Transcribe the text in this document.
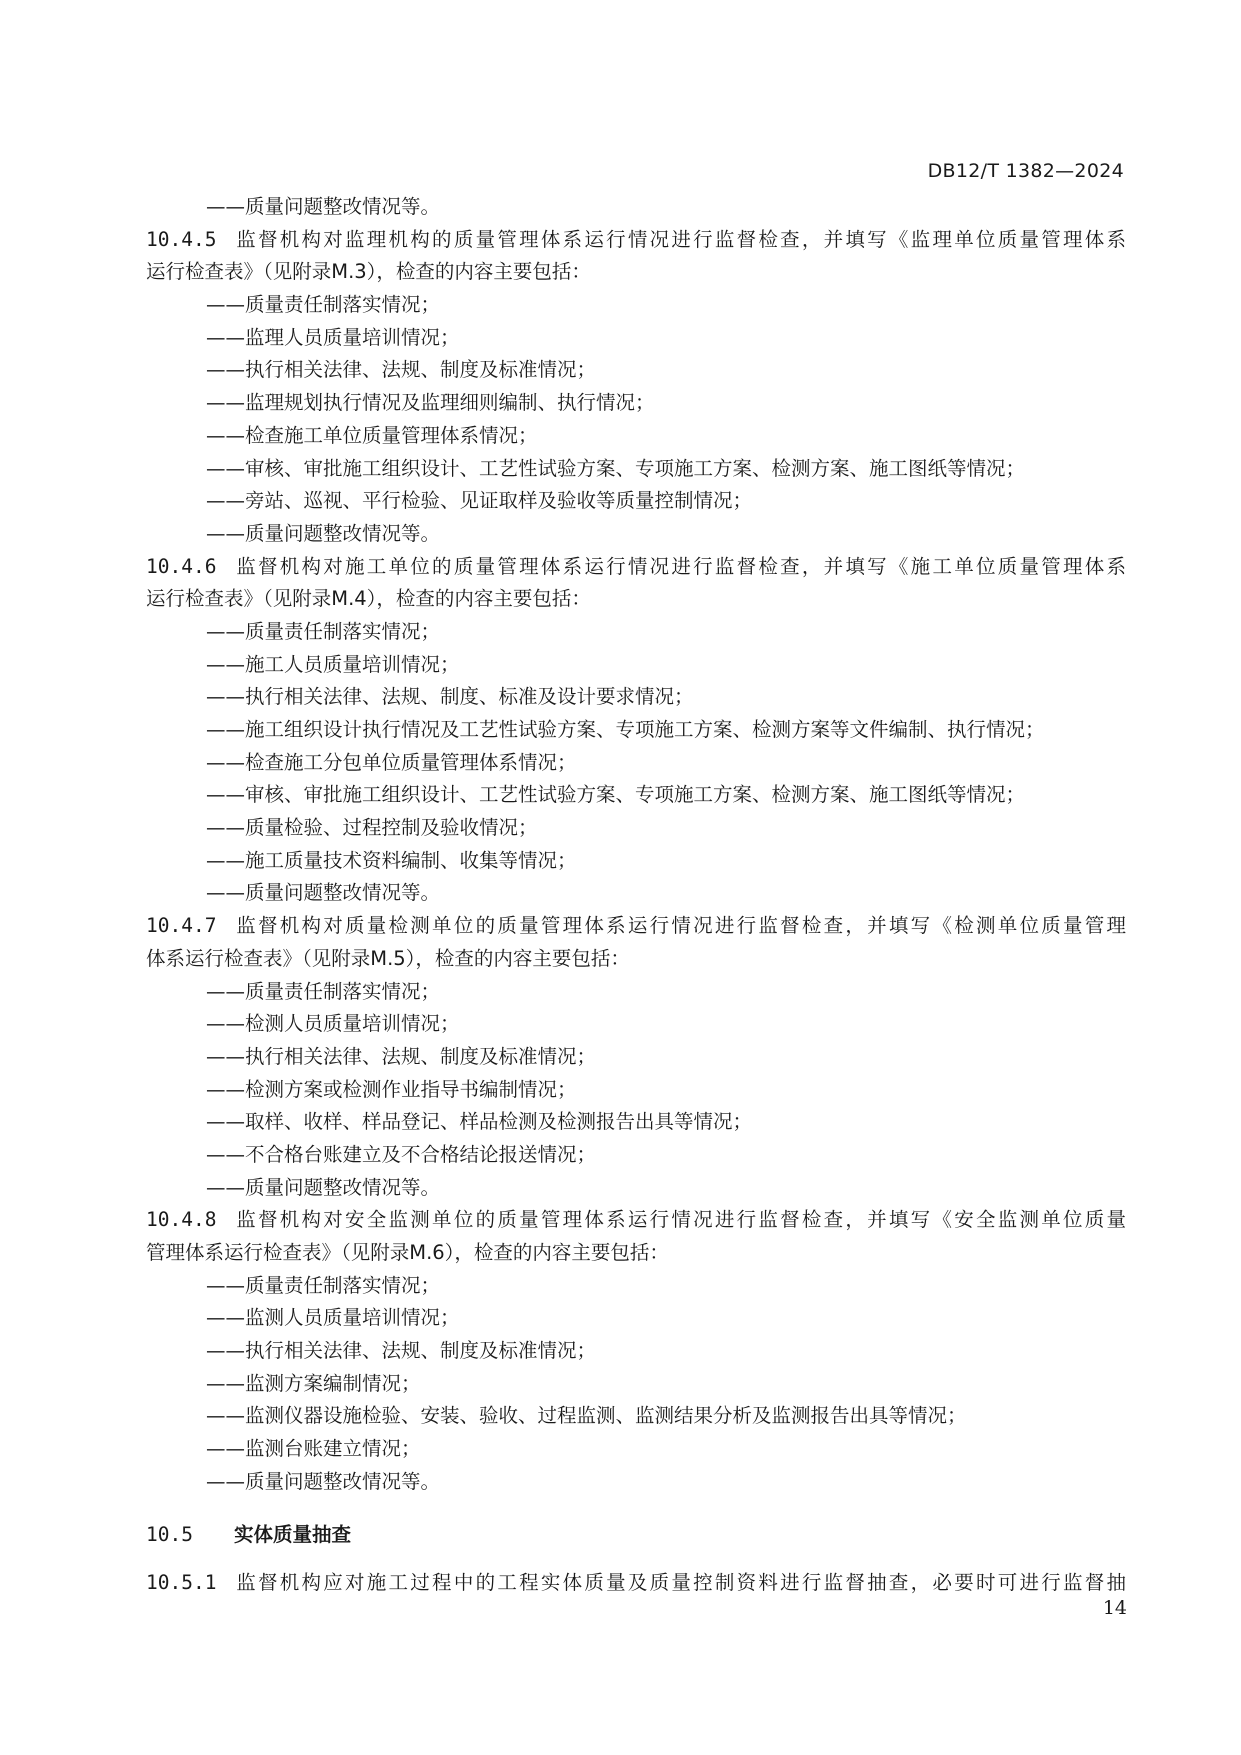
DB12/T 1382—2024
——质量问题整改情况等。
10.4.5 监督机构对监理机构的质量管理体系运行情况进行监督检查，并填写《监理单位质量管理体系
运行检查表》（见附录M.3），检查的内容主要包括：
——质量责任制落实情况；
——监理人员质量培训情况；
——执行相关法律、法规、制度及标准情况；
——监理规划执行情况及监理细则编制、执行情况；
——检查施工单位质量管理体系情况；
——审核、审批施工组织设计、工艺性试验方案、专项施工方案、检测方案、施工图纸等情况；
——旁站、巡视、平行检验、见证取样及验收等质量控制情况；
——质量问题整改情况等。
10.4.6 监督机构对施工单位的质量管理体系运行情况进行监督检查，并填写《施工单位质量管理体系
运行检查表》（见附录M.4），检查的内容主要包括：
——质量责任制落实情况；
——施工人员质量培训情况；
——执行相关法律、法规、制度、标准及设计要求情况；
——施工组织设计执行情况及工艺性试验方案、专项施工方案、检测方案等文件编制、执行情况；
——检查施工分包单位质量管理体系情况；
——审核、审批施工组织设计、工艺性试验方案、专项施工方案、检测方案、施工图纸等情况；
——质量检验、过程控制及验收情况；
——施工质量技术资料编制、收集等情况；
——质量问题整改情况等。
10.4.7 监督机构对质量检测单位的质量管理体系运行情况进行监督检查，并填写《检测单位质量管理
体系运行检查表》（见附录M.5），检查的内容主要包括：
——质量责任制落实情况；
——检测人员质量培训情况；
——执行相关法律、法规、制度及标准情况；
——检测方案或检测作业指导书编制情况；
——取样、收样、样品登记、样品检测及检测报告出具等情况；
——不合格台账建立及不合格结论报送情况；
——质量问题整改情况等。
10.4.8 监督机构对安全监测单位的质量管理体系运行情况进行监督检查，并填写《安全监测单位质量
管理体系运行检查表》（见附录M.6），检查的内容主要包括：
——质量责任制落实情况；
——监测人员质量培训情况；
——执行相关法律、法规、制度及标准情况；
——监测方案编制情况；
——监测仪器设施检验、安装、验收、过程监测、监测结果分析及监测报告出具等情况；
——监测台账建立情况；
——质量问题整改情况等。
10.5 实体质量抽查
10.5.1 监督机构应对施工过程中的工程实体质量及质量控制资料进行监督抽查，必要时可进行监督抽
14
